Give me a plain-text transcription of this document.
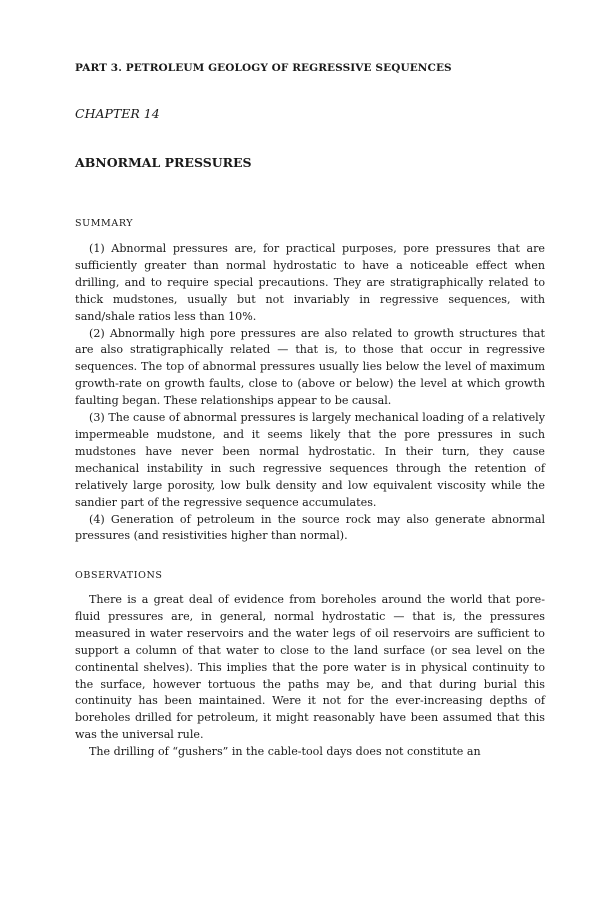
PART 3. PETROLEUM GEOLOGY OF REGRESSIVE SEQUENCES
CHAPTER 14
ABNORMAL PRESSURES
SUMMARY

(1) Abnormal pressures are, for practical purposes, pore pressures that are sufficiently greater than normal hydrostatic to have a noticeable effect when drilling, and to require special precautions. They are stratigraphically related to thick mudstones, usually but not invariably in regressive sequences, with sand/shale ratios less than 10%.

(2) Abnormally high pore pressures are also related to growth structures that are also stratigraphically related — that is, to those that occur in regressive sequences. The top of abnormal pressures usually lies below the level of maximum growth-rate on growth faults, close to (above or below) the level at which growth faulting began. These relationships appear to be causal.

(3) The cause of abnormal pressures is largely mechanical loading of a relatively impermeable mudstone, and it seems likely that the pore pressures in such mudstones have never been normal hydrostatic. In their turn, they cause mechanical instability in such regressive sequences through the retention of relatively large porosity, low bulk density and low equivalent viscosity while the sandier part of the regressive sequence accumulates.

(4) Generation of petroleum in the source rock may also generate abnormal pressures (and resistivities higher than normal).

OBSERVATIONS

There is a great deal of evidence from boreholes around the world that pore-fluid pressures are, in general, normal hydrostatic — that is, the pressures measured in water reservoirs and the water legs of oil reservoirs are sufficient to support a column of that water to close to the land surface (or sea level on the continental shelves). This implies that the pore water is in physical continuity to the surface, however tortuous the paths may be, and that during burial this continuity has been maintained. Were it not for the ever-increasing depths of boreholes drilled for petroleum, it might reasonably have been assumed that this was the universal rule.

The drilling of “gushers” in the cable-tool days does not constitute an
